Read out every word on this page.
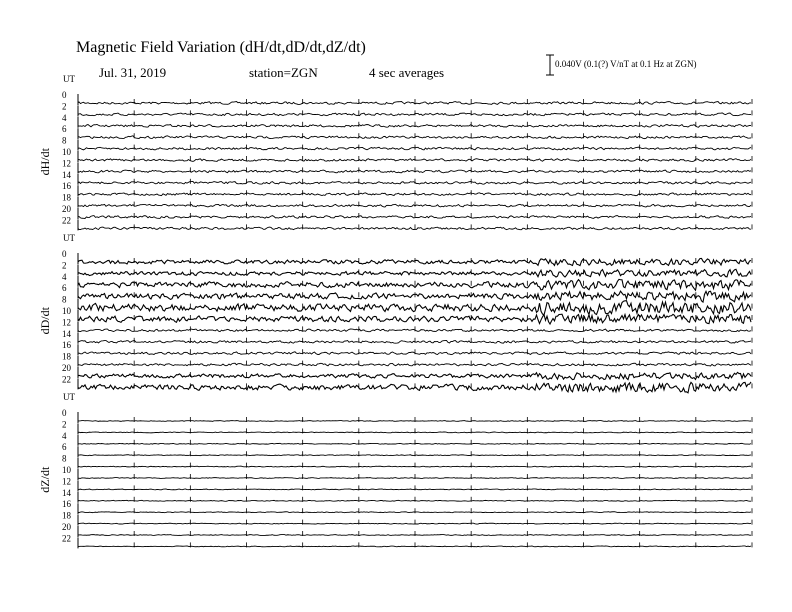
Magnetic Field Variation (dH/dt,dD/dt,dZ/dt)
Jul. 31, 2019	station=ZGN	4 sec averages
0.040V (0.1(?) V/nT at 0.1 Hz at ZGN)
UT
dH/dt
0
2
4
6
8
10
12
14
16
18
20
22
UT
dD/dt
0
2
4
6
8
10
12
14
16
18
20
22
UT
dZ/dt
0
2
4
6
8
10
12
14
16
18
20
22
